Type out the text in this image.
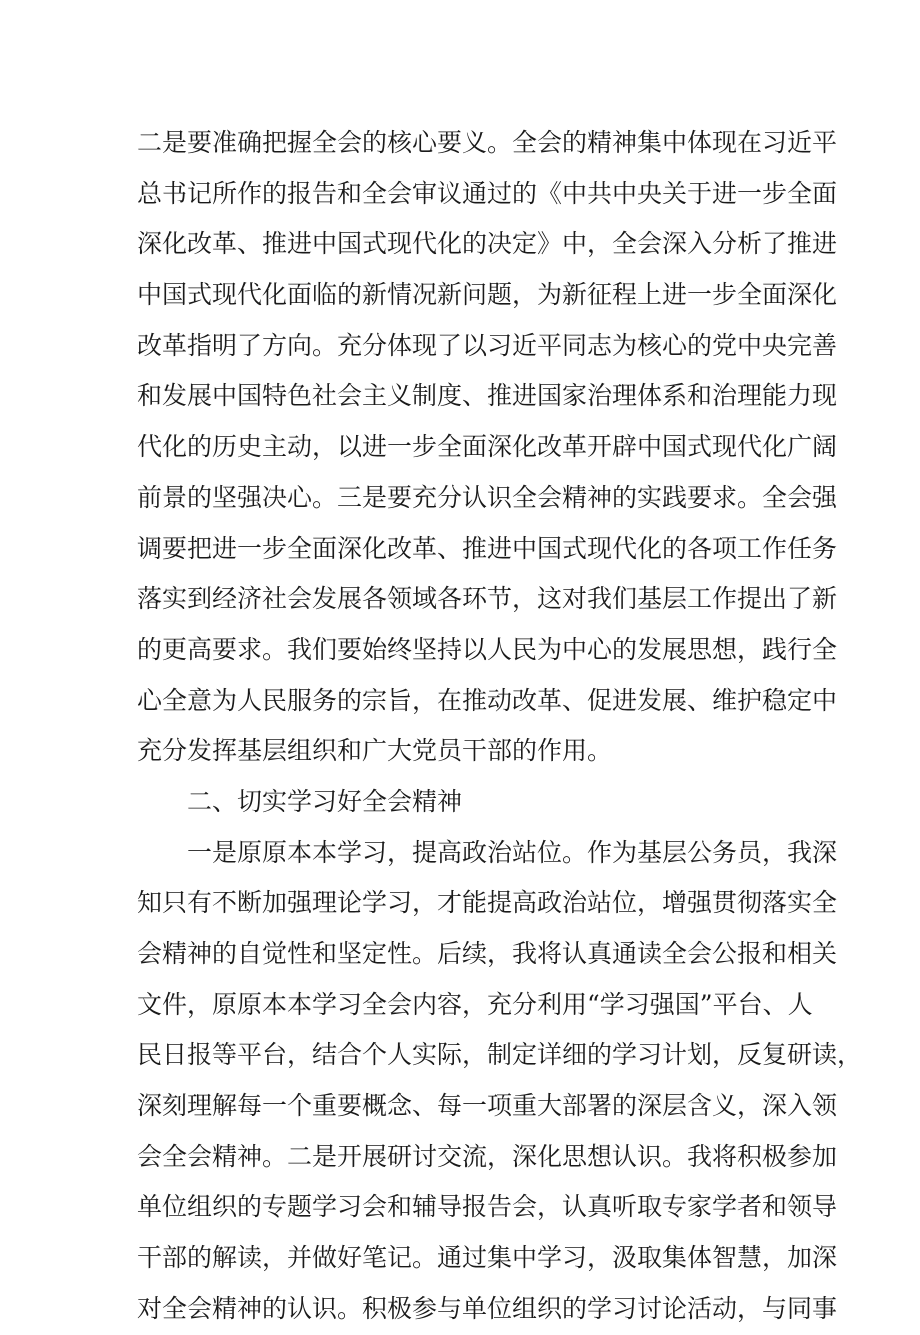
二是要准确把握全会的核心要义。全会的精神集中体现在习近平
总书记所作的报告和全会审议通过的《中共中央关于进一步全面
深化改革、推进中国式现代化的决定》中，全会深入分析了推进
中国式现代化面临的新情况新问题，为新征程上进一步全面深化
改革指明了方向。充分体现了以习近平同志为核心的党中央完善
和发展中国特色社会主义制度、推进国家治理体系和治理能力现
代化的历史主动，以进一步全面深化改革开辟中国式现代化广阔
前景的坚强决心。三是要充分认识全会精神的实践要求。全会强
调要把进一步全面深化改革、推进中国式现代化的各项工作任务
落实到经济社会发展各领域各环节，这对我们基层工作提出了新
的更高要求。我们要始终坚持以人民为中心的发展思想，践行全
心全意为人民服务的宗旨，在推动改革、促进发展、维护稳定中
充分发挥基层组织和广大党员干部的作用。
二、切实学习好全会精神
一是原原本本学习，提高政治站位。作为基层公务员，我深
知只有不断加强理论学习，才能提高政治站位，增强贯彻落实全
会精神的自觉性和坚定性。后续，我将认真通读全会公报和相关
文件，原原本本学习全会内容，充分利用“学习强国”平台、人
民日报等平台，结合个人实际，制定详细的学习计划，反复研读，
深刻理解每一个重要概念、每一项重大部署的深层含义，深入领
会全会精神。二是开展研讨交流，深化思想认识。我将积极参加
单位组织的专题学习会和辅导报告会，认真听取专家学者和领导
干部的解读，并做好笔记。通过集中学习，汲取集体智慧，加深
对全会精神的认识。积极参与单位组织的学习讨论活动，与同事
